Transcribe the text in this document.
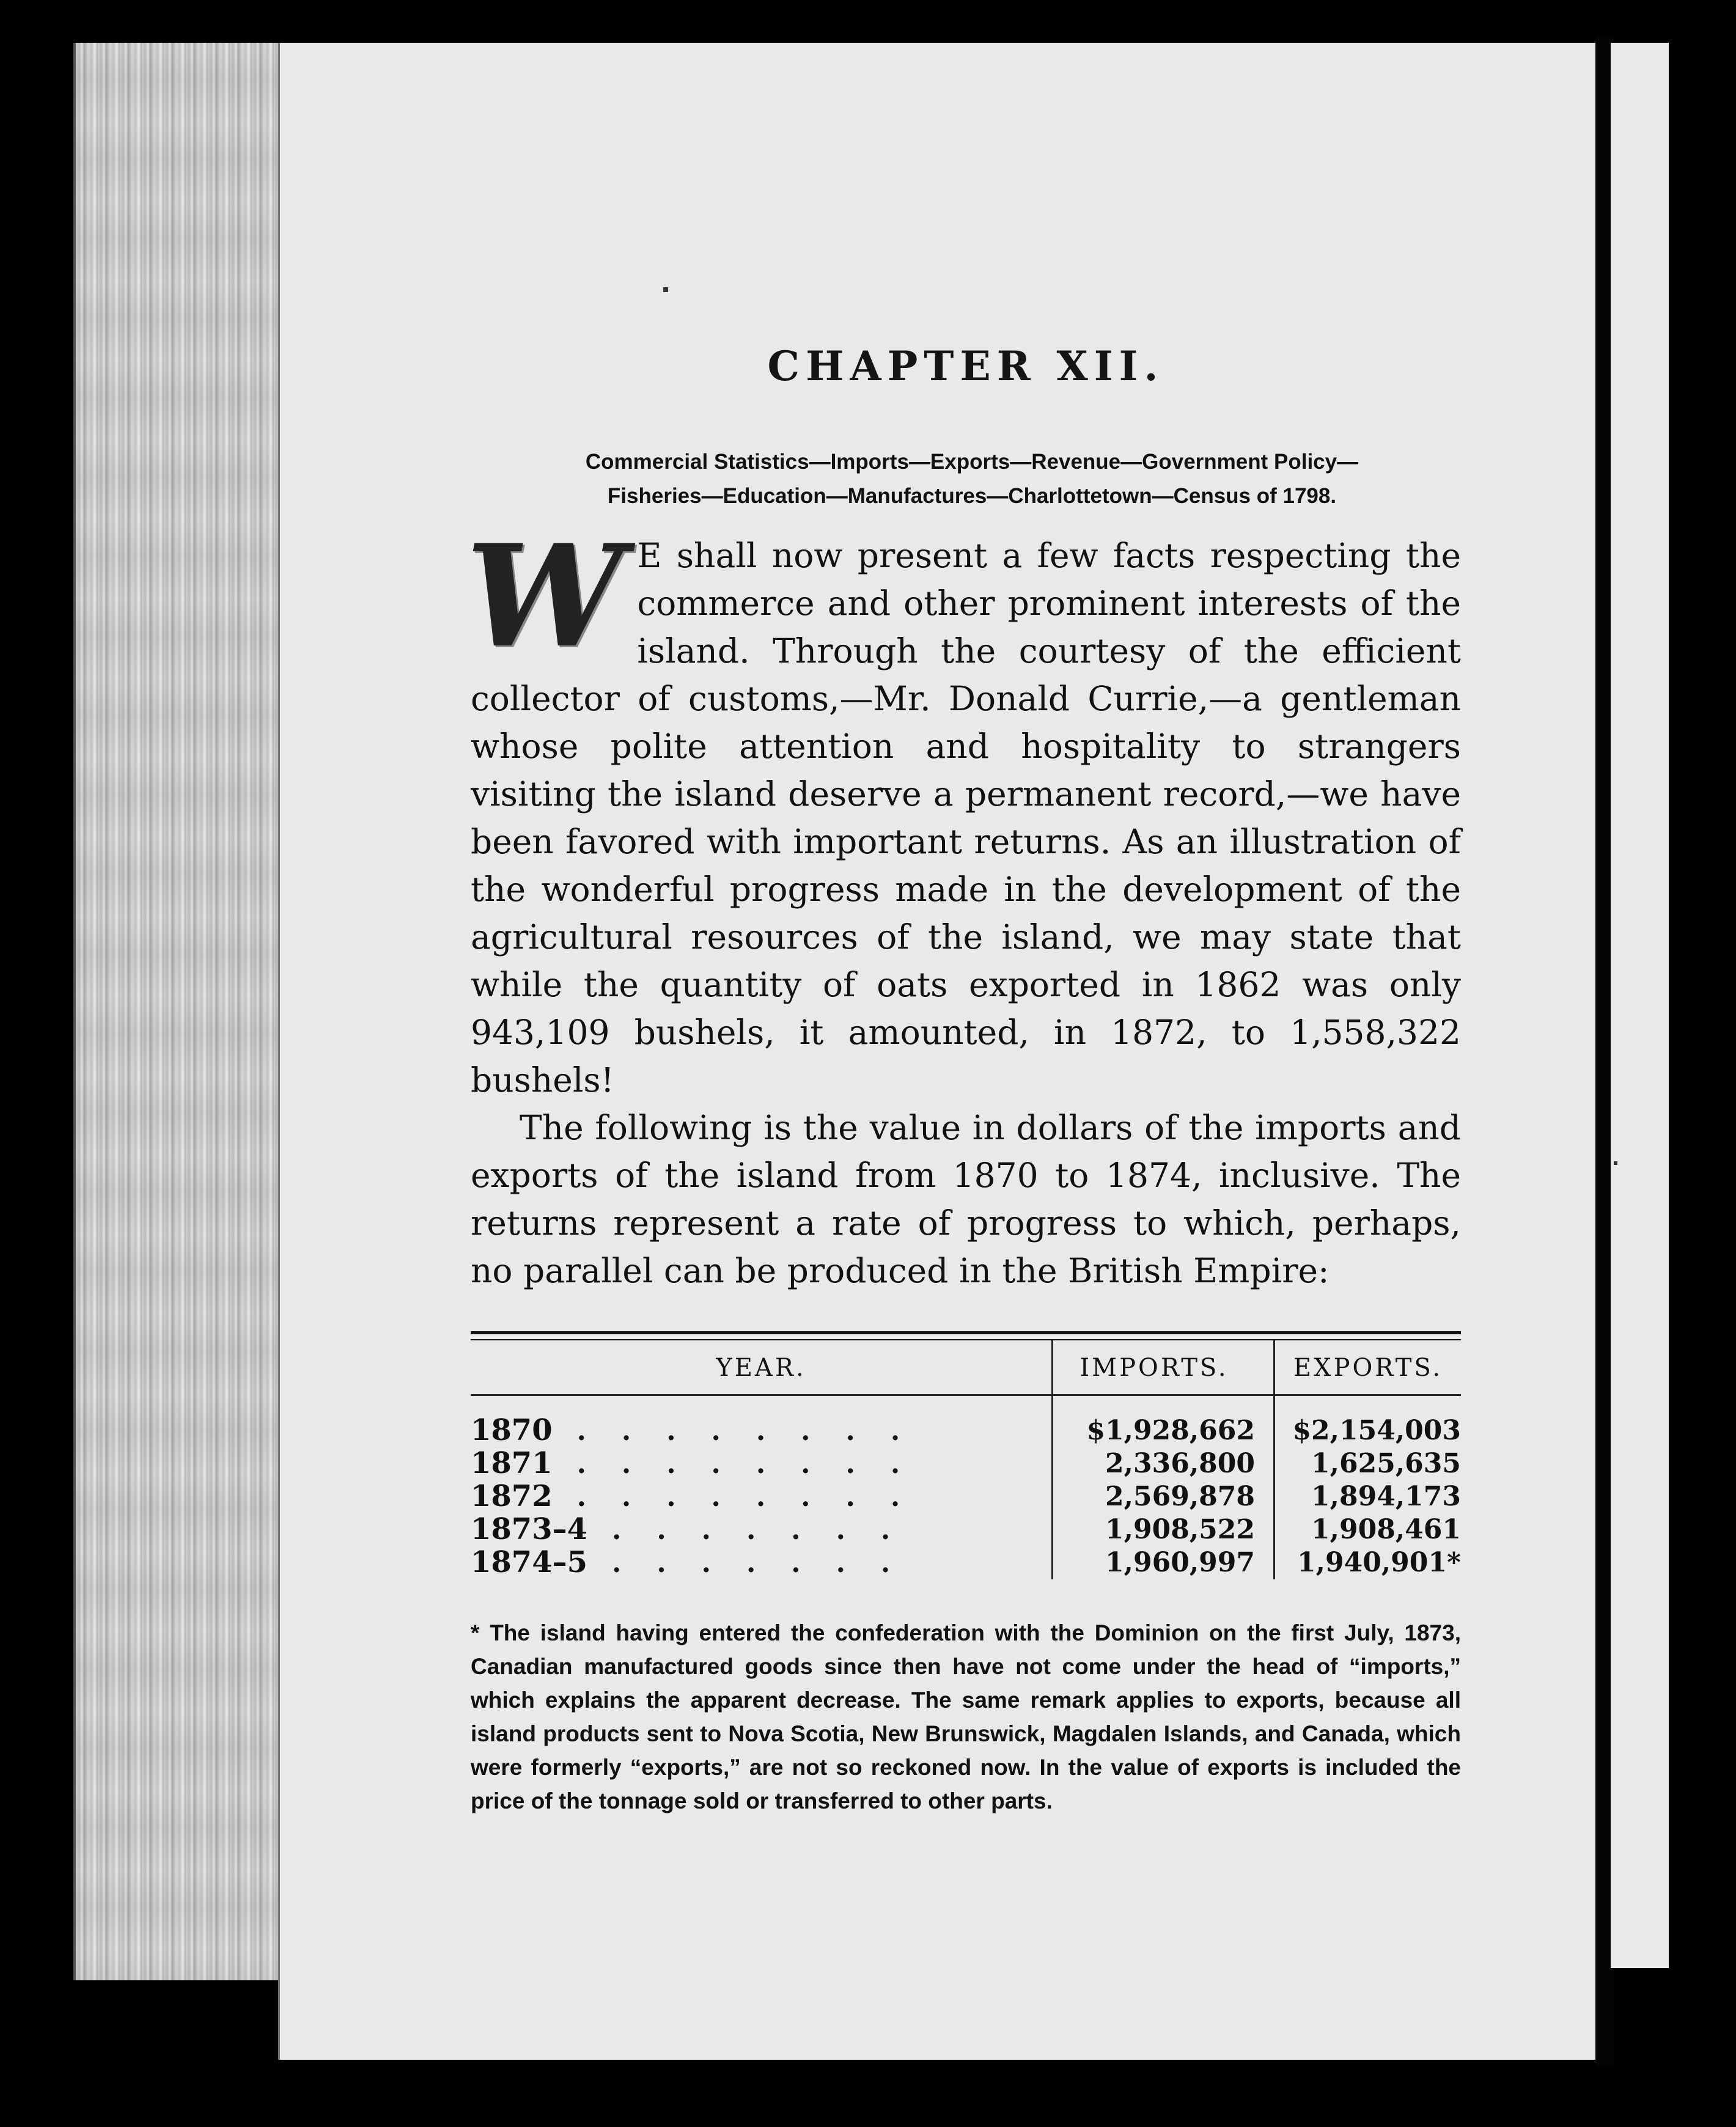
CHAPTER XII.
Commercial Statistics—Imports—Exports—Revenue—Government Policy—
Fisheries—Education—Manufactures—Charlottetown—Census of 1798.

W E shall now present a few facts respecting the commerce and other prominent interests of the island. Through the courtesy of the efficient collector of customs,—Mr. Donald Currie,—a gentleman whose polite attention and hospitality to strangers visiting the island deserve a permanent record,—we have been favored with important returns. As an illustration of the wonderful progress made in the development of the agricultural resources of the island, we may state that while the quantity of oats exported in 1862 was only 943,109 bushels, it amounted, in 1872, to 1,558,322 bushels!

The following is the value in dollars of the imports and exports of the island from 1870 to 1874, inclusive. The returns represent a rate of progress to which, perhaps, no parallel can be produced in the British Empire:

YEAR.	IMPORTS.	EXPORTS.
1870 ........	$1,928,662	$2,154,003
1871 ........	2,336,800	1,625,635
1872 ........	2,569,878	1,894,173
1873–4 .......	1,908,522	1,908,461
1874–5 .......	1,960,997	1,940,901*

* The island having entered the confederation with the Dominion on the first July, 1873, Canadian manufactured goods since then have not come under the head of “imports,” which explains the apparent decrease. The same remark applies to exports, because all island products sent to Nova Scotia, New Brunswick, Magdalen Islands, and Canada, which were formerly “exports,” are not so reckoned now. In the value of exports is included the price of the tonnage sold or transferred to other parts.
